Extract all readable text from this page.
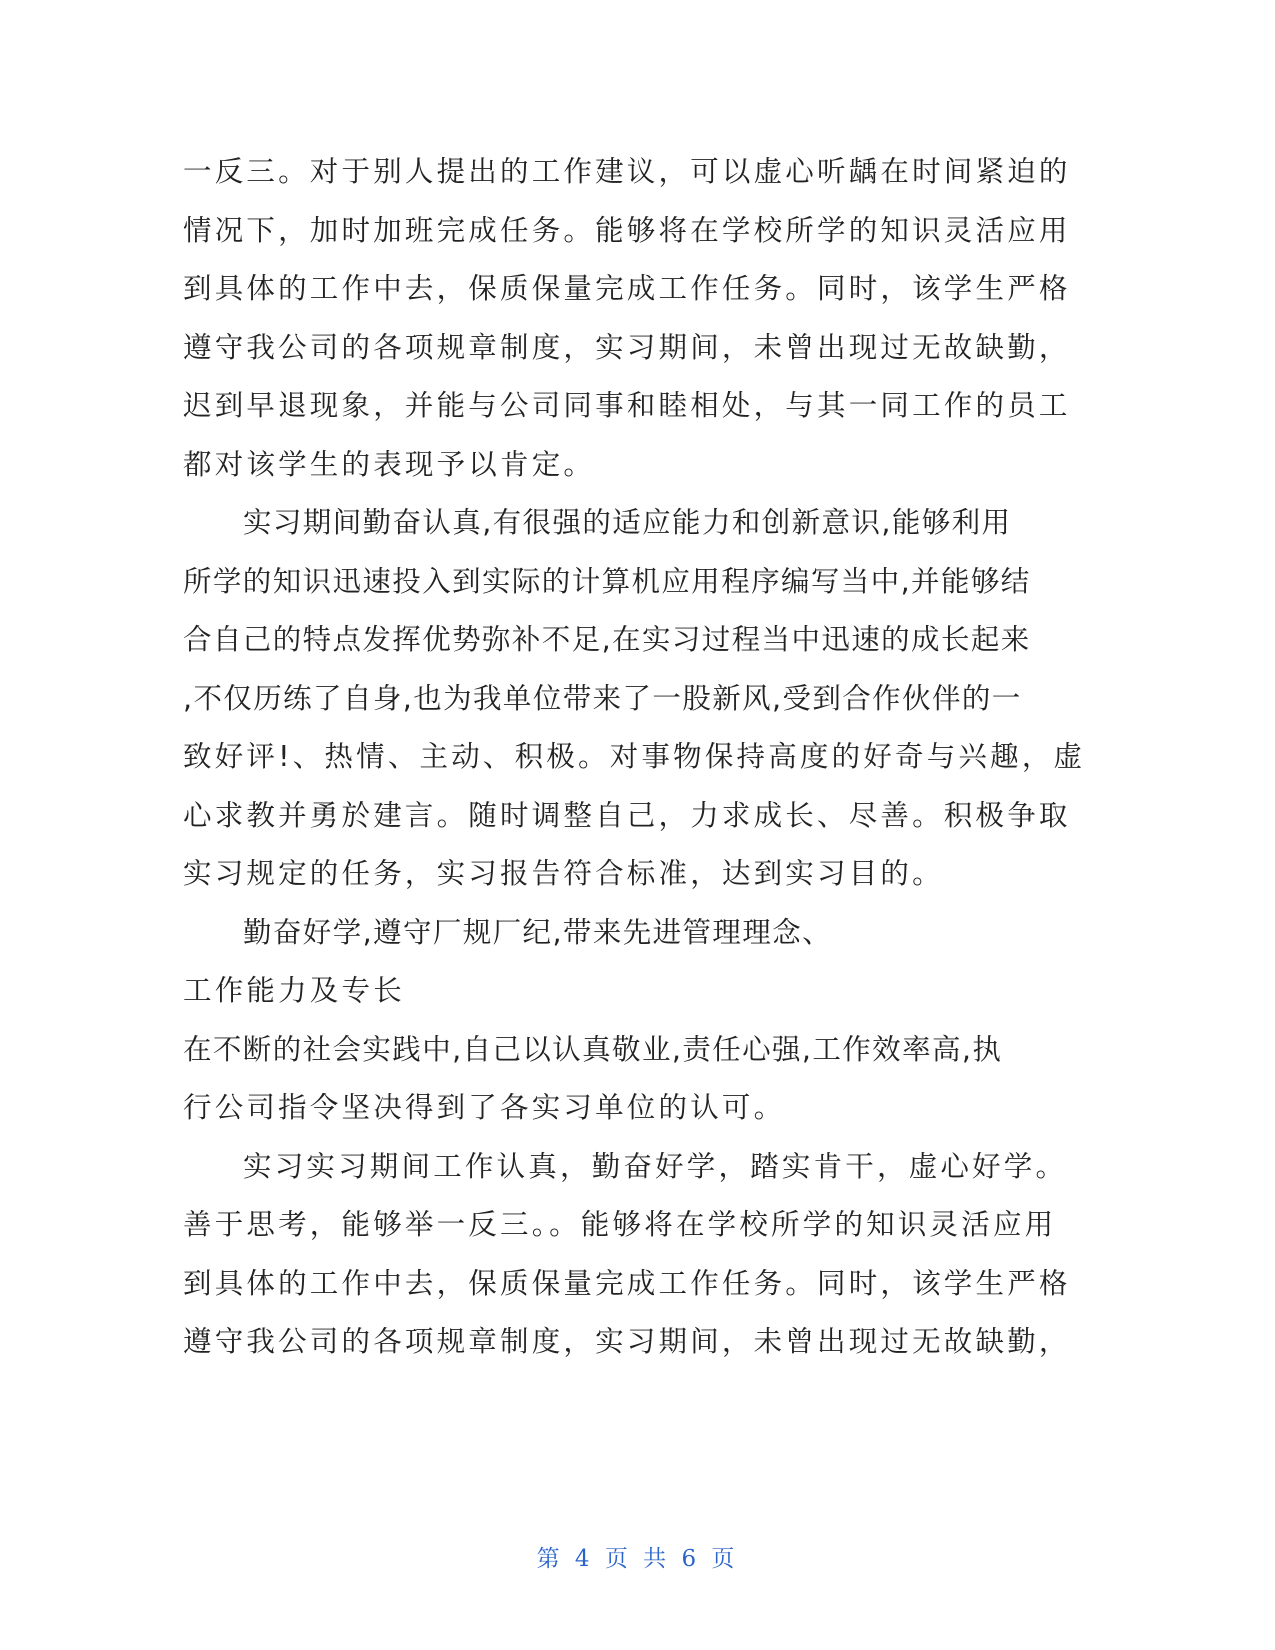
一反三。对于别人提出的工作建议，可以虚心听龋在时间紧迫的
情况下，加时加班完成任务。能够将在学校所学的知识灵活应用
到具体的工作中去，保质保量完成工作任务。同时，该学生严格
遵守我公司的各项规章制度，实习期间，未曾出现过无故缺勤，
迟到早退现象，并能与公司同事和睦相处，与其一同工作的员工
都对该学生的表现予以肯定。
实习期间勤奋认真,有很强的适应能力和创新意识,能够利用
所学的知识迅速投入到实际的计算机应用程序编写当中,并能够结
合自己的特点发挥优势弥补不足,在实习过程当中迅速的成长起来
,不仅历练了自身,也为我单位带来了一股新风,受到合作伙伴的一
致好评!、热情、主动、积极。对事物保持高度的好奇与兴趣，虚
心求教并勇於建言。随时调整自己，力求成长、尽善。积极争取
实习规定的任务，实习报告符合标准，达到实习目的。
勤奋好学,遵守厂规厂纪,带来先进管理理念、
工作能力及专长
在不断的社会实践中,自己以认真敬业,责任心强,工作效率高,执
行公司指令坚决得到了各实习单位的认可。
实习实习期间工作认真，勤奋好学，踏实肯干，虚心好学。
善于思考，能够举一反三。。能够将在学校所学的知识灵活应用
到具体的工作中去，保质保量完成工作任务。同时，该学生严格
遵守我公司的各项规章制度，实习期间，未曾出现过无故缺勤，
第 4 页 共 6 页
